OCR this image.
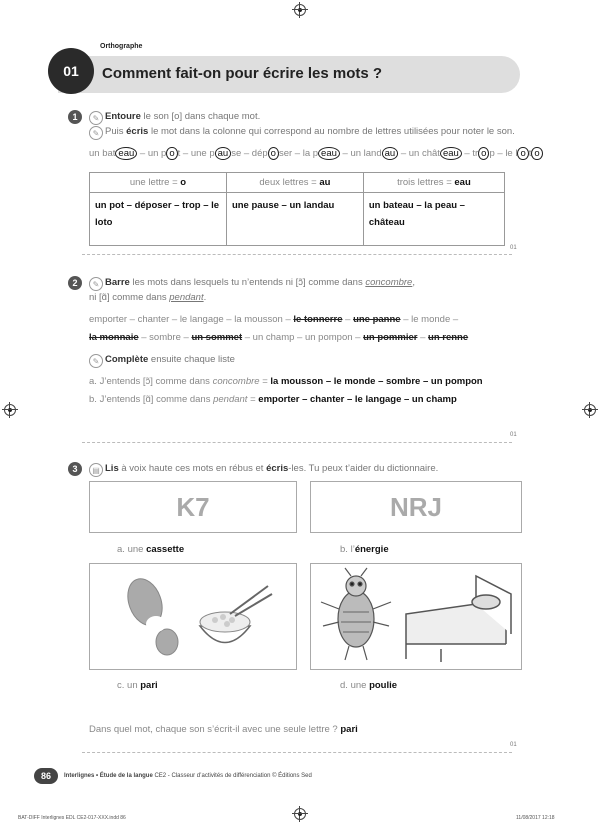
Orthographe
01	Comment fait-on pour écrire les mots ?
1	✎ Entoure le son [o] dans chaque mot.
✎ Puis écris le mot dans la colonne qui correspond au nombre de lettres utilisées pour noter le son.
un bat eau – un p o t – une p au se – dép o ser – la p eau – un land au – un chât eau – tr o p – le l o t o
une lettre = o	deux lettres = au	trois lettres = eau
un pot – déposer – trop – le loto	une pause – un landau	un bateau – la peau – château
01
2	✎ Barre les mots dans lesquels tu n’entends ni [ɔ̃] comme dans concombre,
ni [ɑ̃] comme dans pendant.
emporter – chanter – le langage – la mousson – le tonnerre – une panne – le monde –
la monnaie – sombre – un sommet – un champ – un pompon – un pommier – un renne
✎ Complète ensuite chaque liste
a. J’entends [ɔ̃] comme dans concombre = la mousson – le monde – sombre – un pompon
b. J’entends [ɑ̃] comme dans pendant = emporter – chanter – le langage – un champ
01
3	▤ Lis à voix haute ces mots en rébus et écris-les. Tu peux t’aider du dictionnaire.
K7	NRJ
a. une cassette	b. l’énergie
c. un pari	d. une poulie
Dans quel mot, chaque son s’écrit-il avec une seule lettre ? pari
01
86	Interlignes • Étude de la langue CE2 - Classeur d’activités de différenciation © Éditions Sed
BAT-DIFF Interlignes EDL CE2-017-XXX.indd 86	11/08/2017 12:18
